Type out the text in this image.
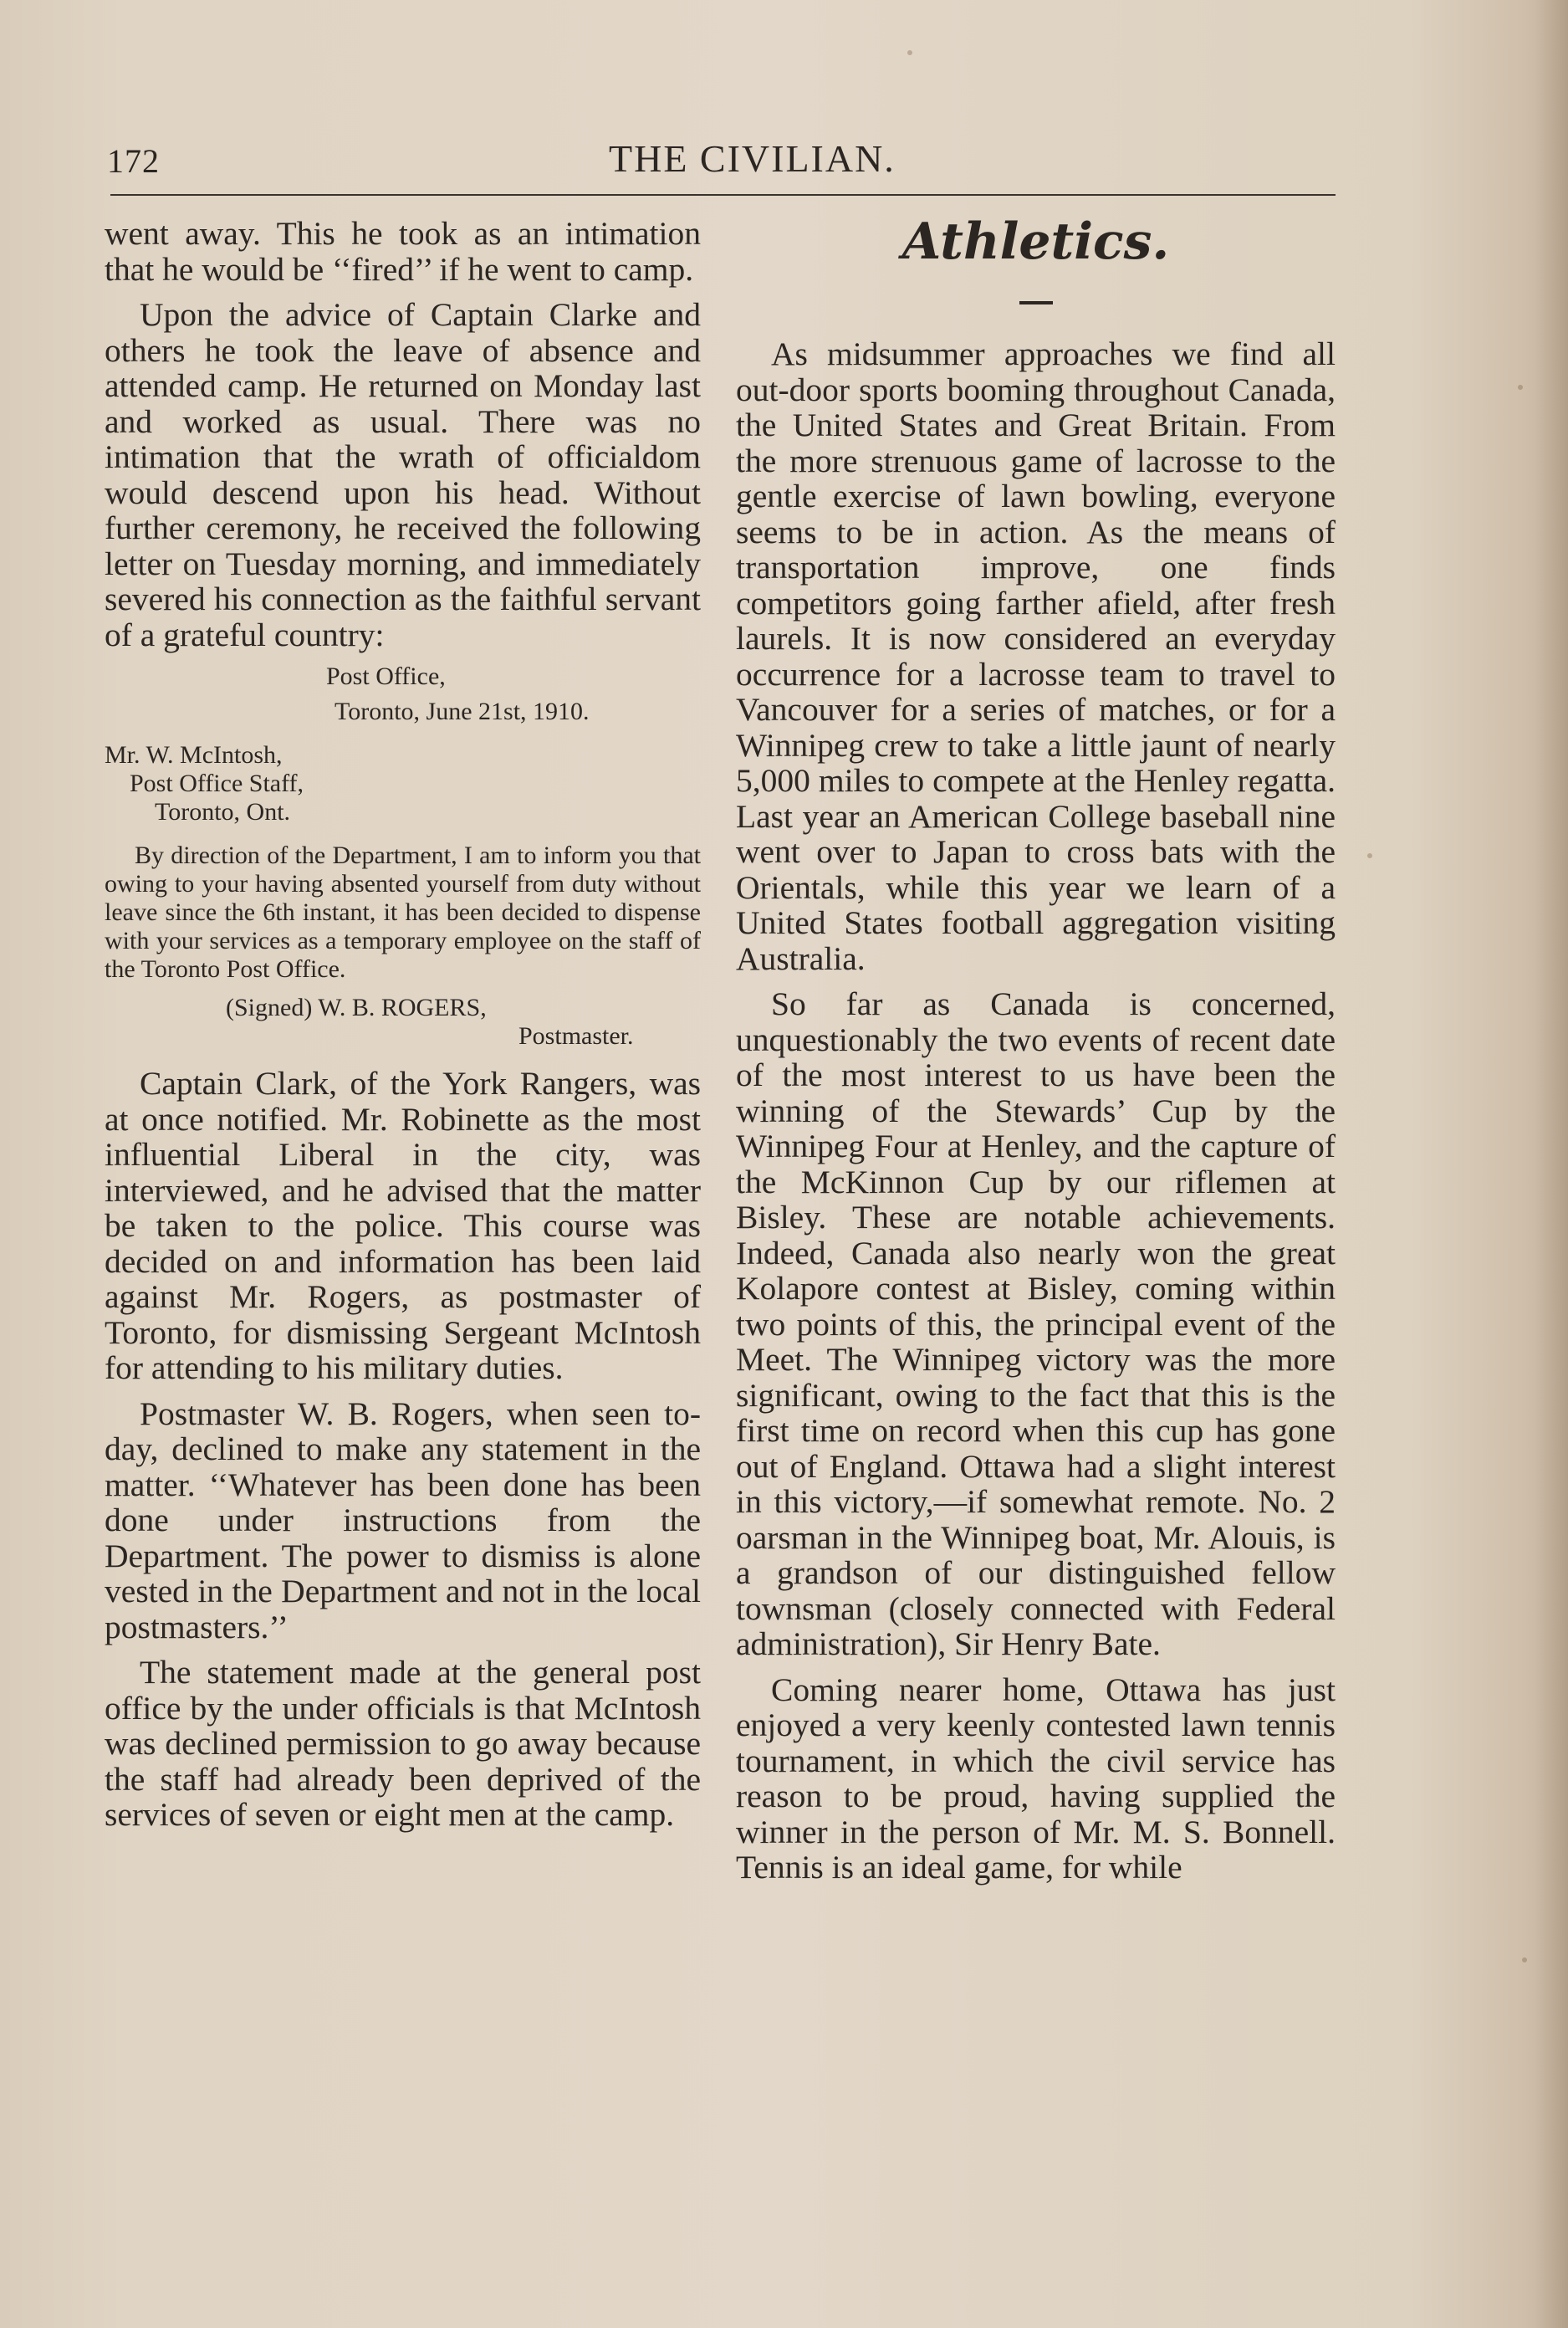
172	THE CIVILIAN.

went away. This he took as an intimation that he would be ‘‘fired’’ if he went to camp.

Upon the advice of Captain Clarke and others he took the leave of absence and attended camp. He returned on Monday last and worked as usual. There was no intimation that the wrath of officialdom would descend upon his head. Without further ceremony, he received the following letter on Tuesday morning, and immediately severed his connection as the faithful servant of a grateful country:

Post Office,

Toronto, June 21st, 1910.

Mr. W. McIntosh,

Post Office Staff,

Toronto, Ont.

By direction of the Department, I am to inform you that owing to your having absented yourself from duty without leave since the 6th instant, it has been decided to dispense with your services as a temporary employee on the staff of the Toronto Post Office.

(Signed) W. B. ROGERS,

Postmaster.

Captain Clark, of the York Rangers, was at once notified. Mr. Robinette as the most influential Liberal in the city, was interviewed, and he advised that the matter be taken to the police. This course was decided on and information has been laid against Mr. Rogers, as postmaster of Toronto, for dismissing Sergeant McIntosh for attending to his military duties.

Postmaster W. B. Rogers, when seen to-day, declined to make any statement in the matter. ‘‘Whatever has been done has been done under instructions from the Department. The power to dismiss is alone vested in the Department and not in the local postmasters.’’

The statement made at the general post office by the under officials is that McIntosh was declined permission to go away because the staff had already been deprived of the services of seven or eight men at the camp.

Athletics.

As midsummer approaches we find all out-door sports booming throughout Canada, the United States and Great Britain. From the more strenuous game of lacrosse to the gentle exercise of lawn bowling, everyone seems to be in action. As the means of transportation improve, one finds competitors going farther afield, after fresh laurels. It is now considered an everyday occurrence for a lacrosse team to travel to Vancouver for a series of matches, or for a Winnipeg crew to take a little jaunt of nearly 5,000 miles to compete at the Henley regatta. Last year an American College baseball nine went over to Japan to cross bats with the Orientals, while this year we learn of a United States football aggregation visiting Australia.

So far as Canada is concerned, unquestionably the two events of recent date of the most interest to us have been the winning of the Stewards’ Cup by the Winnipeg Four at Henley, and the capture of the McKinnon Cup by our riflemen at Bisley. These are notable achievements. Indeed, Canada also nearly won the great Kolapore contest at Bisley, coming within two points of this, the principal event of the Meet. The Winnipeg victory was the more significant, owing to the fact that this is the first time on record when this cup has gone out of England. Ottawa had a slight interest in this victory,—if somewhat remote. No. 2 oarsman in the Winnipeg boat, Mr. Alouis, is a grandson of our distinguished fellow townsman (closely connected with Federal administration), Sir Henry Bate.

Coming nearer home, Ottawa has just enjoyed a very keenly contested lawn tennis tournament, in which the civil service has reason to be proud, having supplied the winner in the person of Mr. M. S. Bonnell. Tennis is an ideal game, for while
